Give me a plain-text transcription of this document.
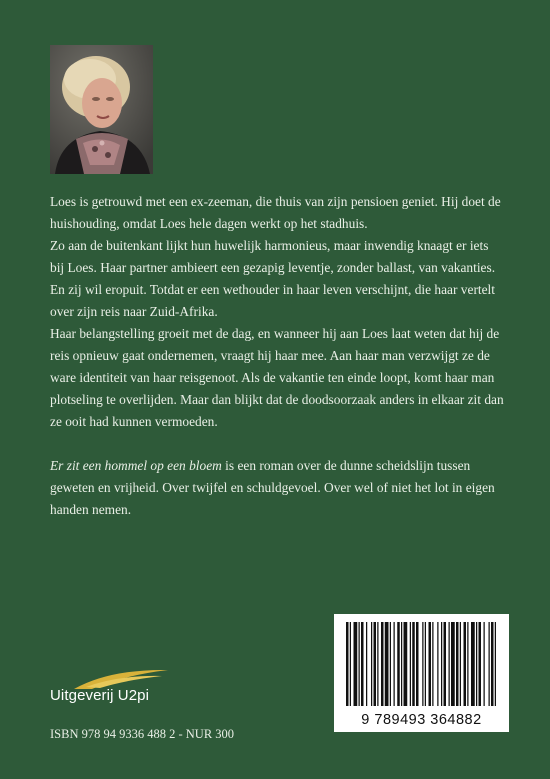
Loes is getrouwd met een ex-zeeman, die thuis van zijn pensioen geniet. Hij doet de huishouding, omdat Loes hele dagen werkt op het stadhuis.

Zo aan de buitenkant lijkt hun huwelijk harmonieus, maar inwendig knaagt er iets bij Loes. Haar partner ambieert een gezapig leventje, zonder ballast, van vakanties. En zij wil eropuit. Totdat er een wethouder in haar leven verschijnt, die haar vertelt over zijn reis naar Zuid-Afrika.

Haar belangstelling groeit met de dag, en wanneer hij aan Loes laat weten dat hij de reis opnieuw gaat ondernemen, vraagt hij haar mee. Aan haar man verzwijgt ze de ware identiteit van haar reisgenoot. Als de vakantie ten einde loopt, komt haar man plotseling te overlijden. Maar dan blijkt dat de doodsoorzaak anders in elkaar zit dan ze ooit had kunnen vermoeden.

Er zit een hommel op een bloem is een roman over de dunne scheidslijn tussen geweten en vrijheid. Over twijfel en schuldgevoel. Over wel of niet het lot in eigen handen nemen.

Uitgeverij U2pi
ISBN 978 94 9336 488 2 - NUR 300
9 789493 364882
